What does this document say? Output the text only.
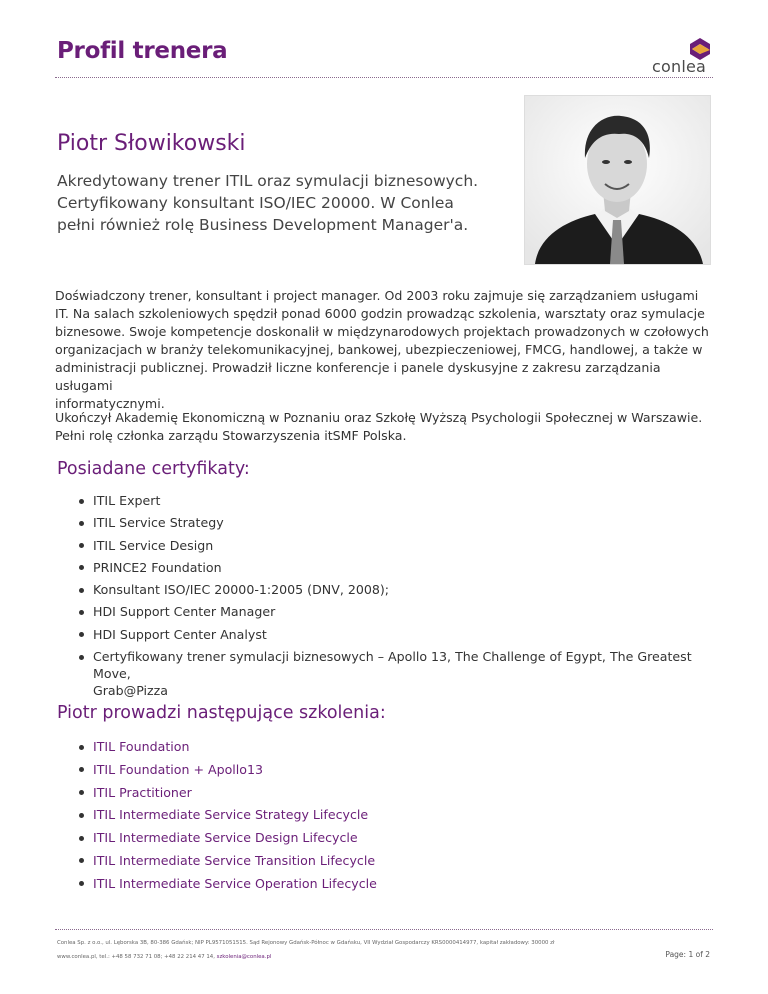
Profil trenera
conlea
Piotr Słowikowski
Akredytowany trener ITIL oraz symulacji biznesowych.
Certyfikowany konsultant ISO/IEC 20000. W Conlea
pełni również rolę Business Development Manager'a.
Doświadczony trener, konsultant i project manager. Od 2003 roku zajmuje się zarządzaniem usługami
IT. Na salach szkoleniowych spędził ponad 6000 godzin prowadząc szkolenia, warsztaty oraz symulacje
biznesowe. Swoje kompetencje doskonalił w międzynarodowych projektach prowadzonych w czołowych
organizacjach w branży telekomunikacyjnej, bankowej, ubezpieczeniowej, FMCG, handlowej, a także w
administracji publicznej. Prowadził liczne konferencje i panele dyskusyjne z zakresu zarządzania usługami
informatycznymi.
Ukończył Akademię Ekonomiczną w Poznaniu oraz Szkołę Wyższą Psychologii Społecznej w Warszawie.
Pełni rolę członka zarządu Stowarzyszenia itSMF Polska.
Posiadane certyfikaty:
ITIL Expert
ITIL Service Strategy
ITIL Service Design
PRINCE2 Foundation
Konsultant ISO/IEC 20000-1:2005 (DNV, 2008);
HDI Support Center Manager
HDI Support Center Analyst
Certyfikowany trener symulacji biznesowych – Apollo 13, The Challenge of Egypt, The Greatest Move,
Grab@Pizza
Piotr prowadzi następujące szkolenia:
ITIL Foundation
ITIL Foundation + Apollo13
ITIL Practitioner
ITIL Intermediate Service Strategy Lifecycle
ITIL Intermediate Service Design Lifecycle
ITIL Intermediate Service Transition Lifecycle
ITIL Intermediate Service Operation Lifecycle
Conlea Sp. z o.o., ul. Lęborska 3B, 80-386 Gdańsk; NIP PL9571051515. Sąd Rejonowy Gdańsk-Północ w Gdańsku, VII Wydział Gospodarczy KRS0000414977, kapitał zakładowy: 30000 zł
www.conlea.pl, tel.: +48 58 732 71 08; +48 22 214 47 14, szkolenia@conlea.pl	Page: 1 of 2
